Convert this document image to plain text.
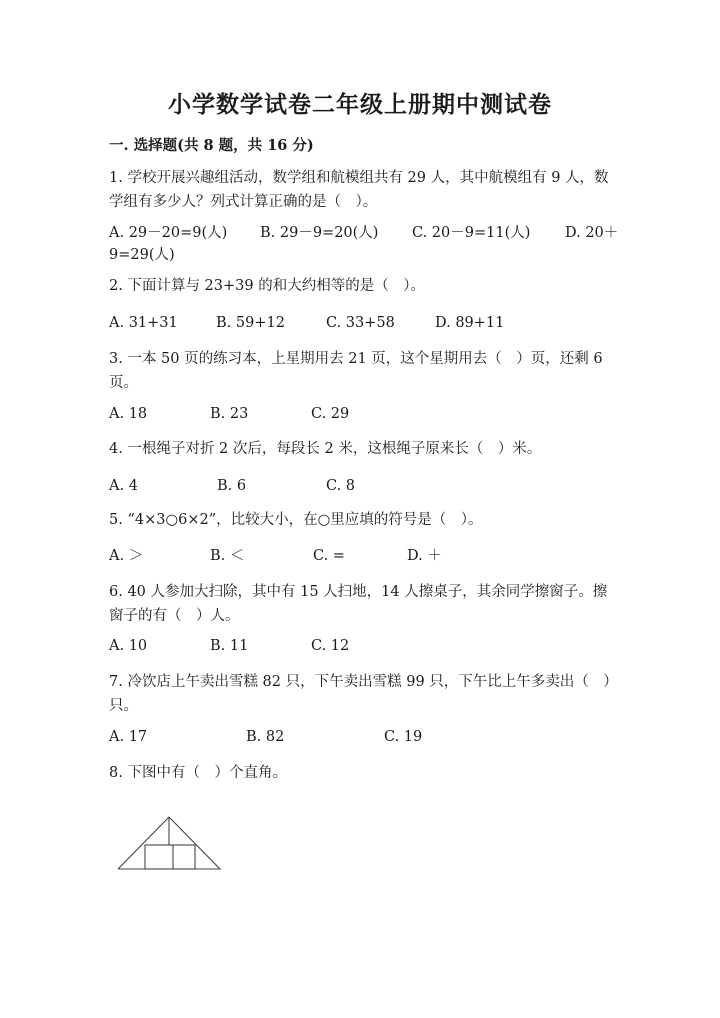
小学数学试卷二年级上册期中测试卷
一. 选择题(共 8 题，共 16 分)
1. 学校开展兴趣组活动，数学组和航模组共有 29 人，其中航模组有 9 人，数学组有多少人？列式计算正确的是（　）。
A. 29－20=9(人) B. 29－9=20(人) C. 20－9=11(人) D. 20＋
9=29(人)
2. 下面计算与 23+39 的和大约相等的是（　）。
A. 31+31	B. 59+12	C. 33+58	D. 89+11
3. 一本 50 页的练习本，上星期用去 21 页，这个星期用去（　）页，还剩 6 页。
A. 18	B. 23	C. 29
4. 一根绳子对折 2 次后，每段长 2 米，这根绳子原来长（　）米。
A. 4	B. 6	C. 8
5. “4×3○6×2”，比较大小，在○里应填的符号是（　）。
A. ＞	B. ＜	C. =	D. ＋
6. 40 人参加大扫除，其中有 15 人扫地，14 人擦桌子，其余同学擦窗子。擦窗子的有（　）人。
A. 10	B. 11	C. 12
7. 冷饮店上午卖出雪糕 82 只，下午卖出雪糕 99 只，下午比上午多卖出（　）只。
A. 17	B. 82	C. 19
8. 下图中有（　）个直角。
